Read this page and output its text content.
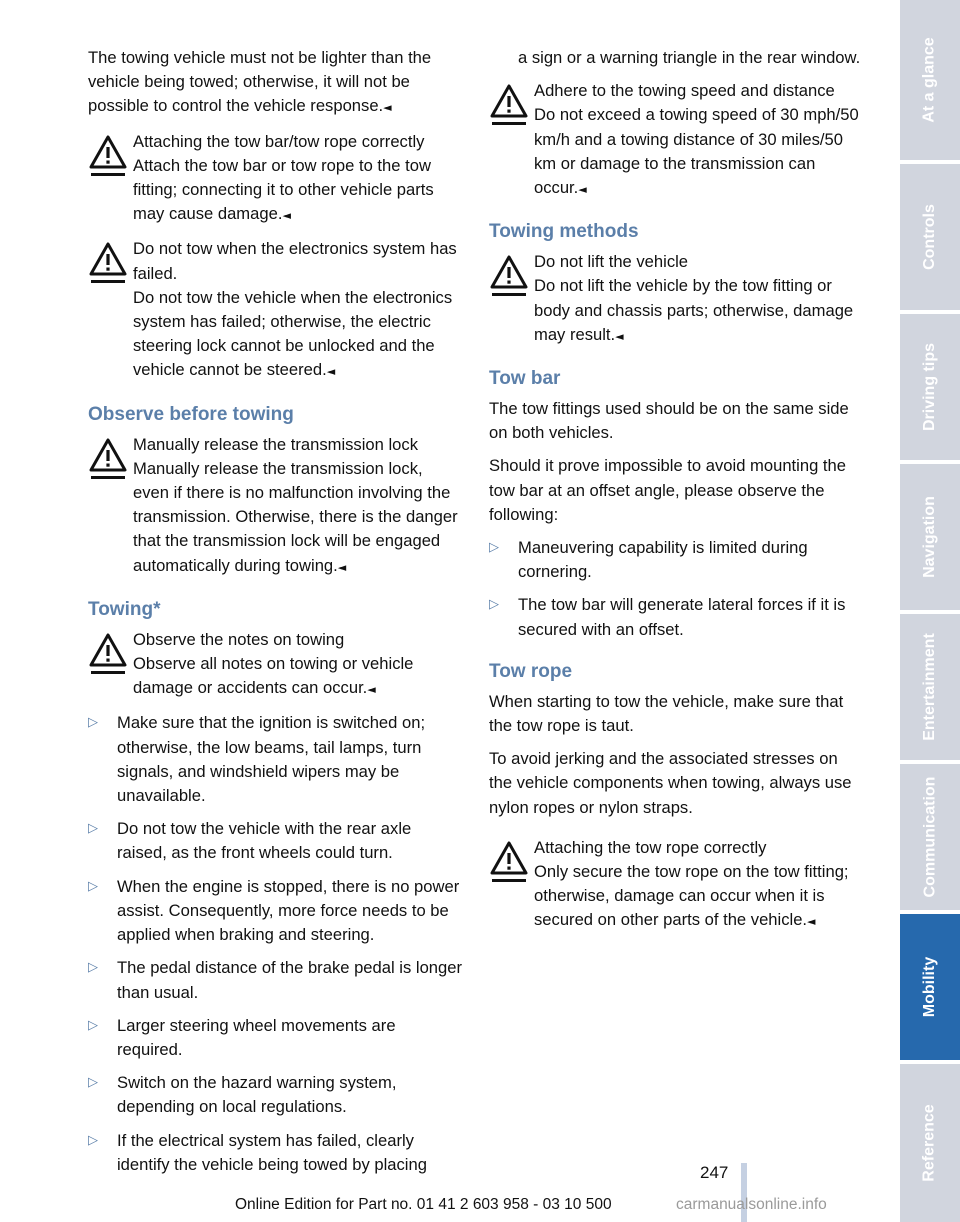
The towing vehicle must not be lighter than the vehicle being towed; otherwise, it will not be possible to control the vehicle response.◄

Attaching the tow bar/tow rope correctly
Attach the tow bar or tow rope to the tow fitting; connecting it to other vehicle parts may cause damage.◄
Do not tow when the electronics system has failed.
Do not tow the vehicle when the electronics system has failed; otherwise, the electric steering lock cannot be unlocked and the vehicle cannot be steered.◄
Observe before towing
Manually release the transmission lock
Manually release the transmission lock, even if there is no malfunction involving the transmission. Otherwise, there is the danger that the transmission lock will be engaged automatically during towing.◄
Towing*
Observe the notes on towing
Observe all notes on towing or vehicle damage or accidents can occur.◄
▷ Make sure that the ignition is switched on; otherwise, the low beams, tail lamps, turn signals, and windshield wipers may be unavailable.
▷ Do not tow the vehicle with the rear axle raised, as the front wheels could turn.
▷ When the engine is stopped, there is no power assist. Consequently, more force needs to be applied when braking and steering.
▷ The pedal distance of the brake pedal is longer than usual.
▷ Larger steering wheel movements are required.
▷ Switch on the hazard warning system, depending on local regulations.
▷ If the electrical system has failed, clearly identify the vehicle being towed by placing

a sign or a warning triangle in the rear window.

Adhere to the towing speed and distance
Do not exceed a towing speed of 30 mph/50 km/h and a towing distance of 30 miles/50 km or damage to the transmission can occur.◄
Towing methods
Do not lift the vehicle
Do not lift the vehicle by the tow fitting or body and chassis parts; otherwise, damage may result.◄
Tow bar

The tow fittings used should be on the same side on both vehicles.

Should it prove impossible to avoid mounting the tow bar at an offset angle, please observe the following:

▷ Maneuvering capability is limited during cornering.
▷ The tow bar will generate lateral forces if it is secured with an offset.
Tow rope

When starting to tow the vehicle, make sure that the tow rope is taut.

To avoid jerking and the associated stresses on the vehicle components when towing, always use nylon ropes or nylon straps.

Attaching the tow rope correctly
Only secure the tow rope on the tow fitting; otherwise, damage can occur when it is secured on other parts of the vehicle.◄
At a glance
Controls
Driving tips
Navigation
Entertainment
Communication
Mobility
Reference
247
Online Edition for Part no. 01 41 2 603 958 - 03 10 500	carmanualsonline.info
